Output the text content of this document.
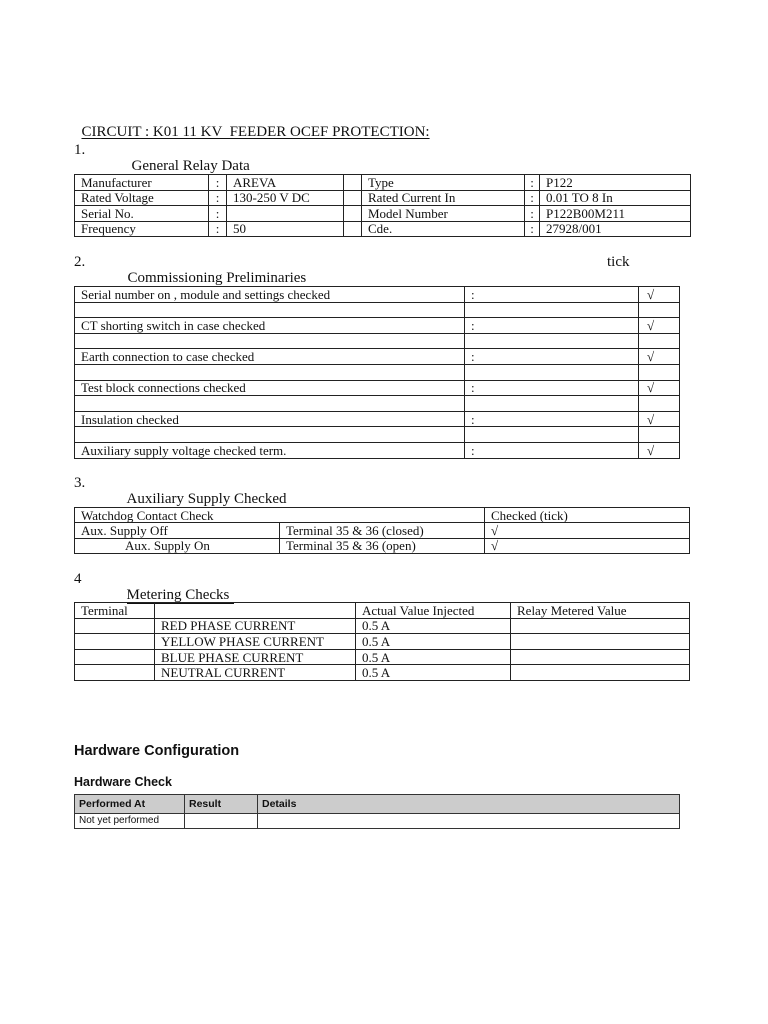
CIRCUIT : K01 11 KV  FEEDER OCEF PROTECTION:

1.

General Relay Data

Manufacturer	:	AREVA		Type	:	P122
Rated Voltage	:	130-250 V DC		Rated Current In	:	0.01 TO 8 In
Serial No.	:			Model Number	:	P122B00M211
Frequency	:	50		Cde.	:	27928/001
2.

Commissioning Preliminaries

tick
Serial number on , module and settings checked	:	√

CT shorting switch in case checked	:	√

Earth connection to case checked	:	√

Test block connections checked	:	√

Insulation checked	:	√

Auxiliary supply voltage checked term.	:	√
3.

Auxiliary Supply Checked

Watchdog Contact Check		Checked (tick)
Aux. Supply Off	Terminal 35 & 36 (closed)	√
Aux. Supply On	Terminal 35 & 36 (open)	√
4

Metering Checks

Terminal		Actual Value Injected	Relay Metered Value
	RED PHASE CURRENT	0.5 A	
	YELLOW PHASE CURRENT	0.5 A	
	BLUE PHASE CURRENT	0.5 A	
	NEUTRAL CURRENT	0.5 A	
Hardware Configuration
Hardware Check
Performed At	Result	Details
Not yet performed		
